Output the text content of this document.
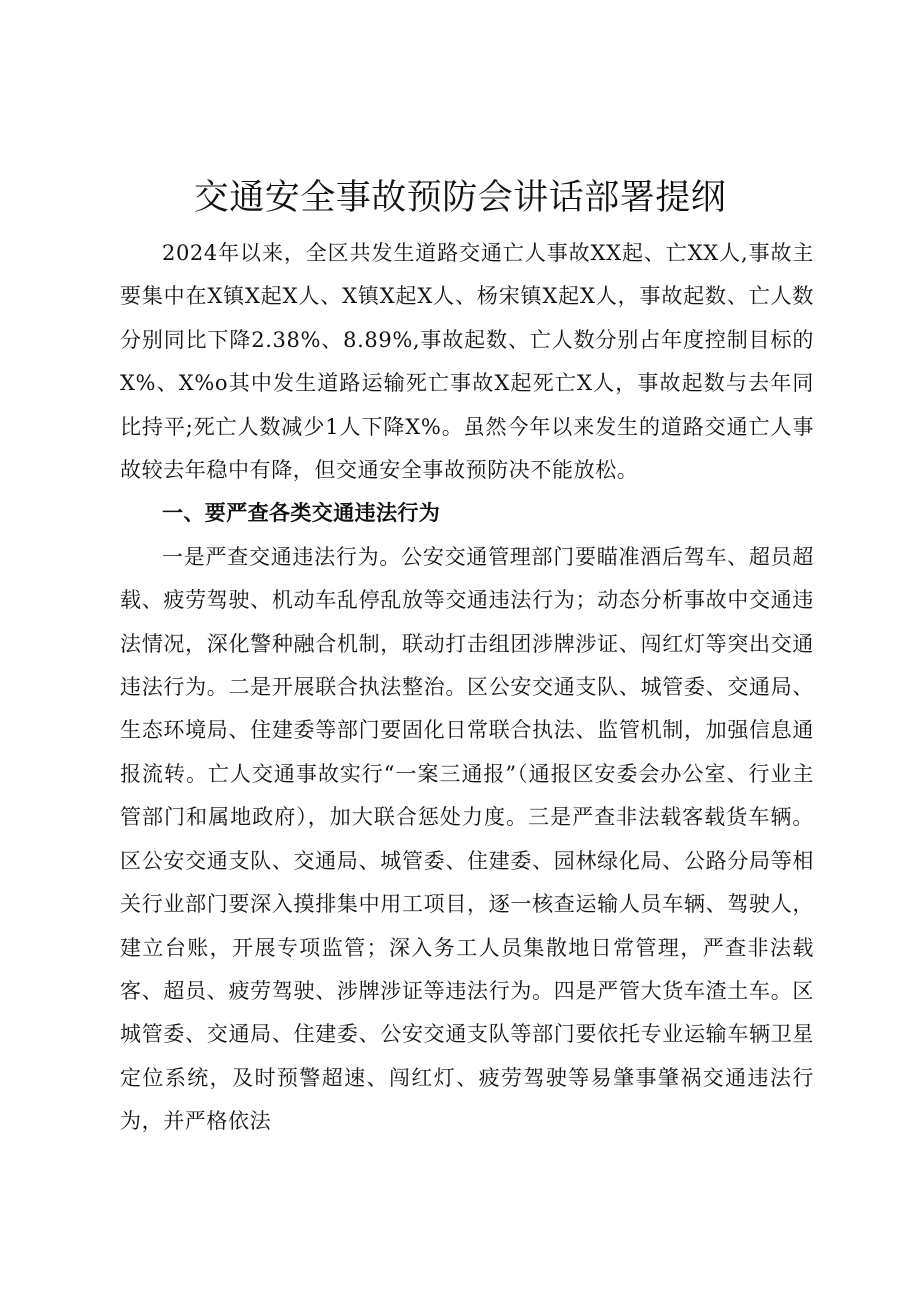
交通安全事故预防会讲话部署提纲

2024年以来，全区共发生道路交通亡人事故XX起、亡XX人,事故主要集中在X镇X起X人、X镇X起X人、杨宋镇X起X人，事故起数、亡人数分别同比下降2.38%、8.89%,事故起数、亡人数分别占年度控制目标的X%、X%o其中发生道路运输死亡事故X起死亡X人，事故起数与去年同比持平;死亡人数减少1人下降X%。虽然今年以来发生的道路交通亡人事故较去年稳中有降，但交通安全事故预防决不能放松。

一、要严查各类交通违法行为

一是严查交通违法行为。公安交通管理部门要瞄准酒后驾车、超员超载、疲劳驾驶、机动车乱停乱放等交通违法行为；动态分析事故中交通违法情况，深化警种融合机制，联动打击组团涉牌涉证、闯红灯等突出交通违法行为。二是开展联合执法整治。区公安交通支队、城管委、交通局、生态环境局、住建委等部门要固化日常联合执法、监管机制，加强信息通报流转。亡人交通事故实行“一案三通报”（通报区安委会办公室、行业主管部门和属地政府），加大联合惩处力度。三是严查非法载客载货车辆。区公安交通支队、交通局、城管委、住建委、园林绿化局、公路分局等相关行业部门要深入摸排集中用工项目，逐一核查运输人员车辆、驾驶人，建立台账，开展专项监管；深入务工人员集散地日常管理，严查非法载客、超员、疲劳驾驶、涉牌涉证等违法行为。四是严管大货车渣土车。区城管委、交通局、住建委、公安交通支队等部门要依托专业运输车辆卫星定位系统，及时预警超速、闯红灯、疲劳驾驶等易肇事肇祸交通违法行为，并严格依法
